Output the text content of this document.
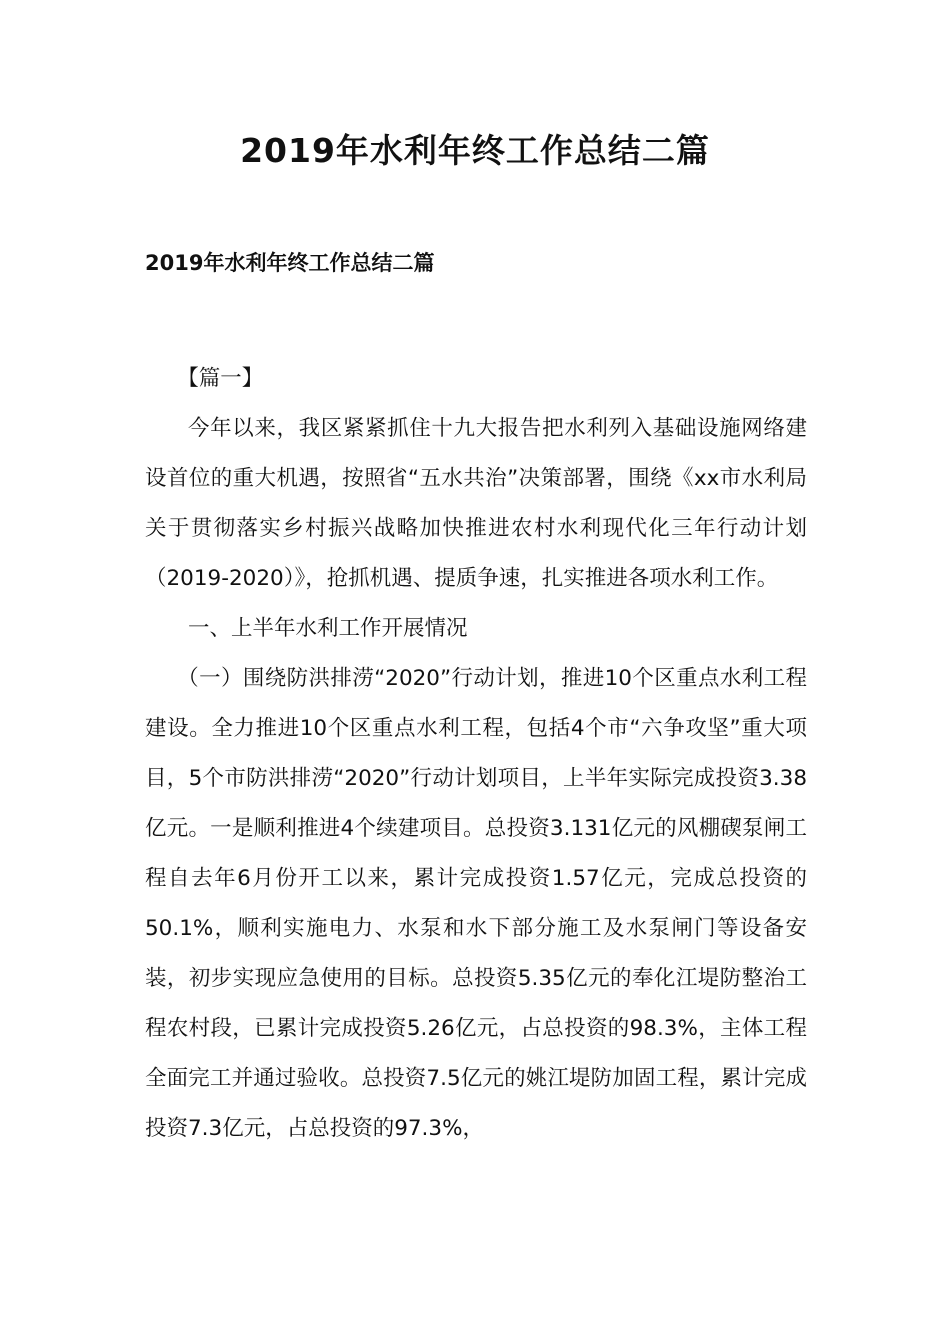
2019年水利年终工作总结二篇
2019年水利年终工作总结二篇

【篇一】

今年以来，我区紧紧抓住十九大报告把水利列入基础设施网络建设首位的重大机遇，按照省“五水共治”决策部署，围绕《xx市水利局关于贯彻落实乡村振兴战略加快推进农村水利现代化三年行动计划（2019-2020）》，抢抓机遇、提质争速，扎实推进各项水利工作。

一、上半年水利工作开展情况

（一）围绕防洪排涝“2020”行动计划，推进10个区重点水利工程建设。全力推进10个区重点水利工程，包括4个市“六争攻坚”重大项目，5个市防洪排涝“2020”行动计划项目，上半年实际完成投资3.38亿元。一是顺利推进4个续建项目。总投资3.131亿元的风棚碶泵闸工程自去年6月份开工以来，累计完成投资1.57亿元，完成总投资的50.1%，顺利实施电力、水泵和水下部分施工及水泵闸门等设备安装，初步实现应急使用的目标。总投资5.35亿元的奉化江堤防整治工程农村段，已累计完成投资5.26亿元，占总投资的98.3%，主体工程全面完工并通过验收。总投资7.5亿元的姚江堤防加固工程，累计完成投资7.3亿元，占总投资的97.3%，
